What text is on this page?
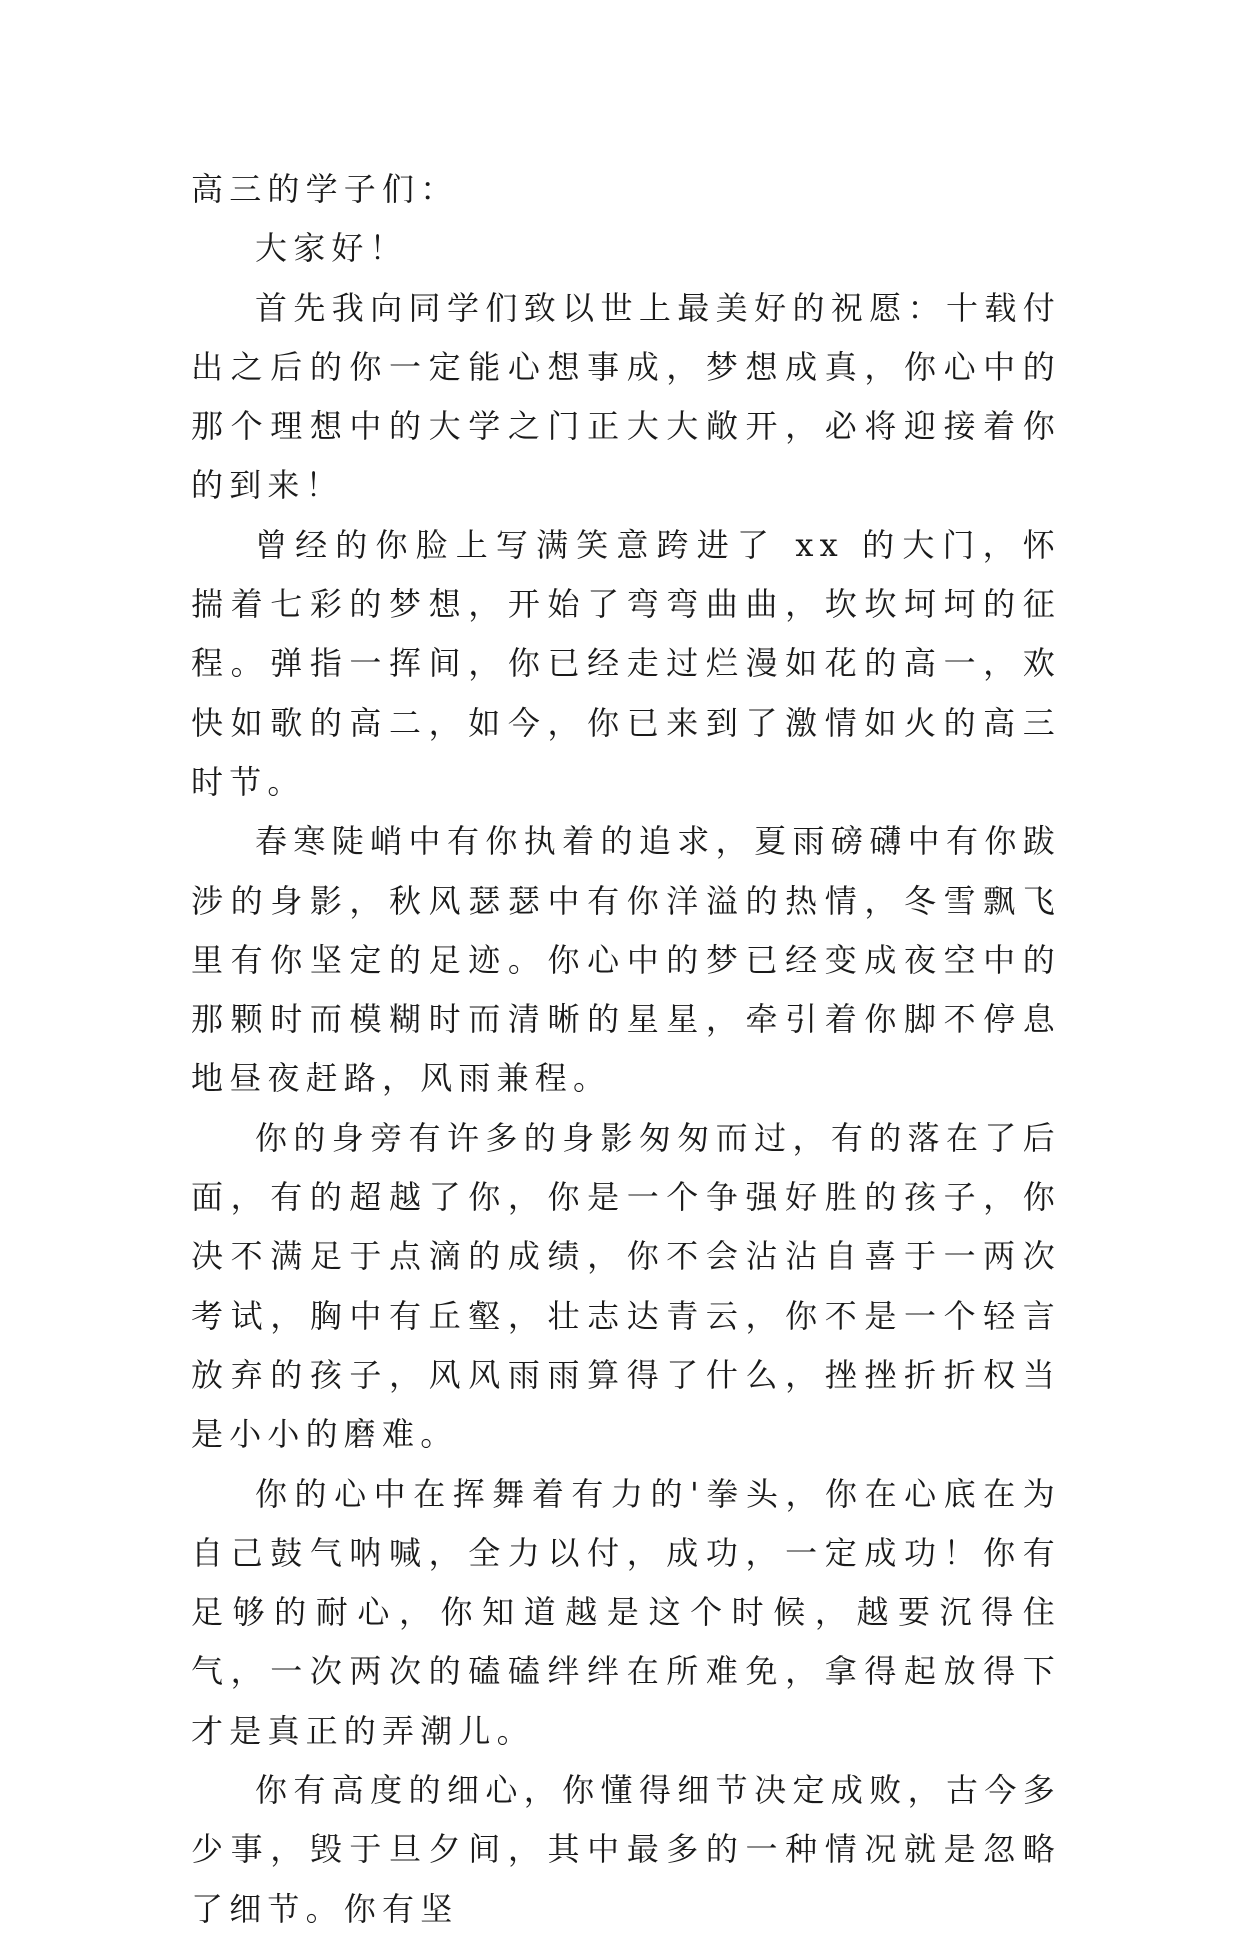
高三的学子们：

大家好！

首先我向同学们致以世上最美好的祝愿：十载付出之后的你一定能心想事成，梦想成真，你心中的那个理想中的大学之门正大大敞开，必将迎接着你的到来！

曾经的你脸上写满笑意跨进了 xx 的大门，怀揣着七彩的梦想，开始了弯弯曲曲，坎坎坷坷的征程。弹指一挥间，你已经走过烂漫如花的高一，欢快如歌的高二，如今，你已来到了激情如火的高三时节。

春寒陡峭中有你执着的追求，夏雨磅礴中有你跋涉的身影，秋风瑟瑟中有你洋溢的热情，冬雪飘飞里有你坚定的足迹。你心中的梦已经变成夜空中的那颗时而模糊时而清晰的星星，牵引着你脚不停息地昼夜赶路，风雨兼程。

你的身旁有许多的身影匆匆而过，有的落在了后面，有的超越了你，你是一个争强好胜的孩子，你决不满足于点滴的成绩，你不会沾沾自喜于一两次考试，胸中有丘壑，壮志达青云，你不是一个轻言放弃的孩子，风风雨雨算得了什么，挫挫折折权当是小小的磨难。

你的心中在挥舞着有力的'拳头，你在心底在为自己鼓气呐喊，全力以付，成功，一定成功！你有足够的耐心，你知道越是这个时候，越要沉得住气，一次两次的磕磕绊绊在所难免，拿得起放得下才是真正的弄潮儿。

你有高度的细心，你懂得细节决定成败，古今多少事，毁于旦夕间，其中最多的一种情况就是忽略了细节。你有坚
